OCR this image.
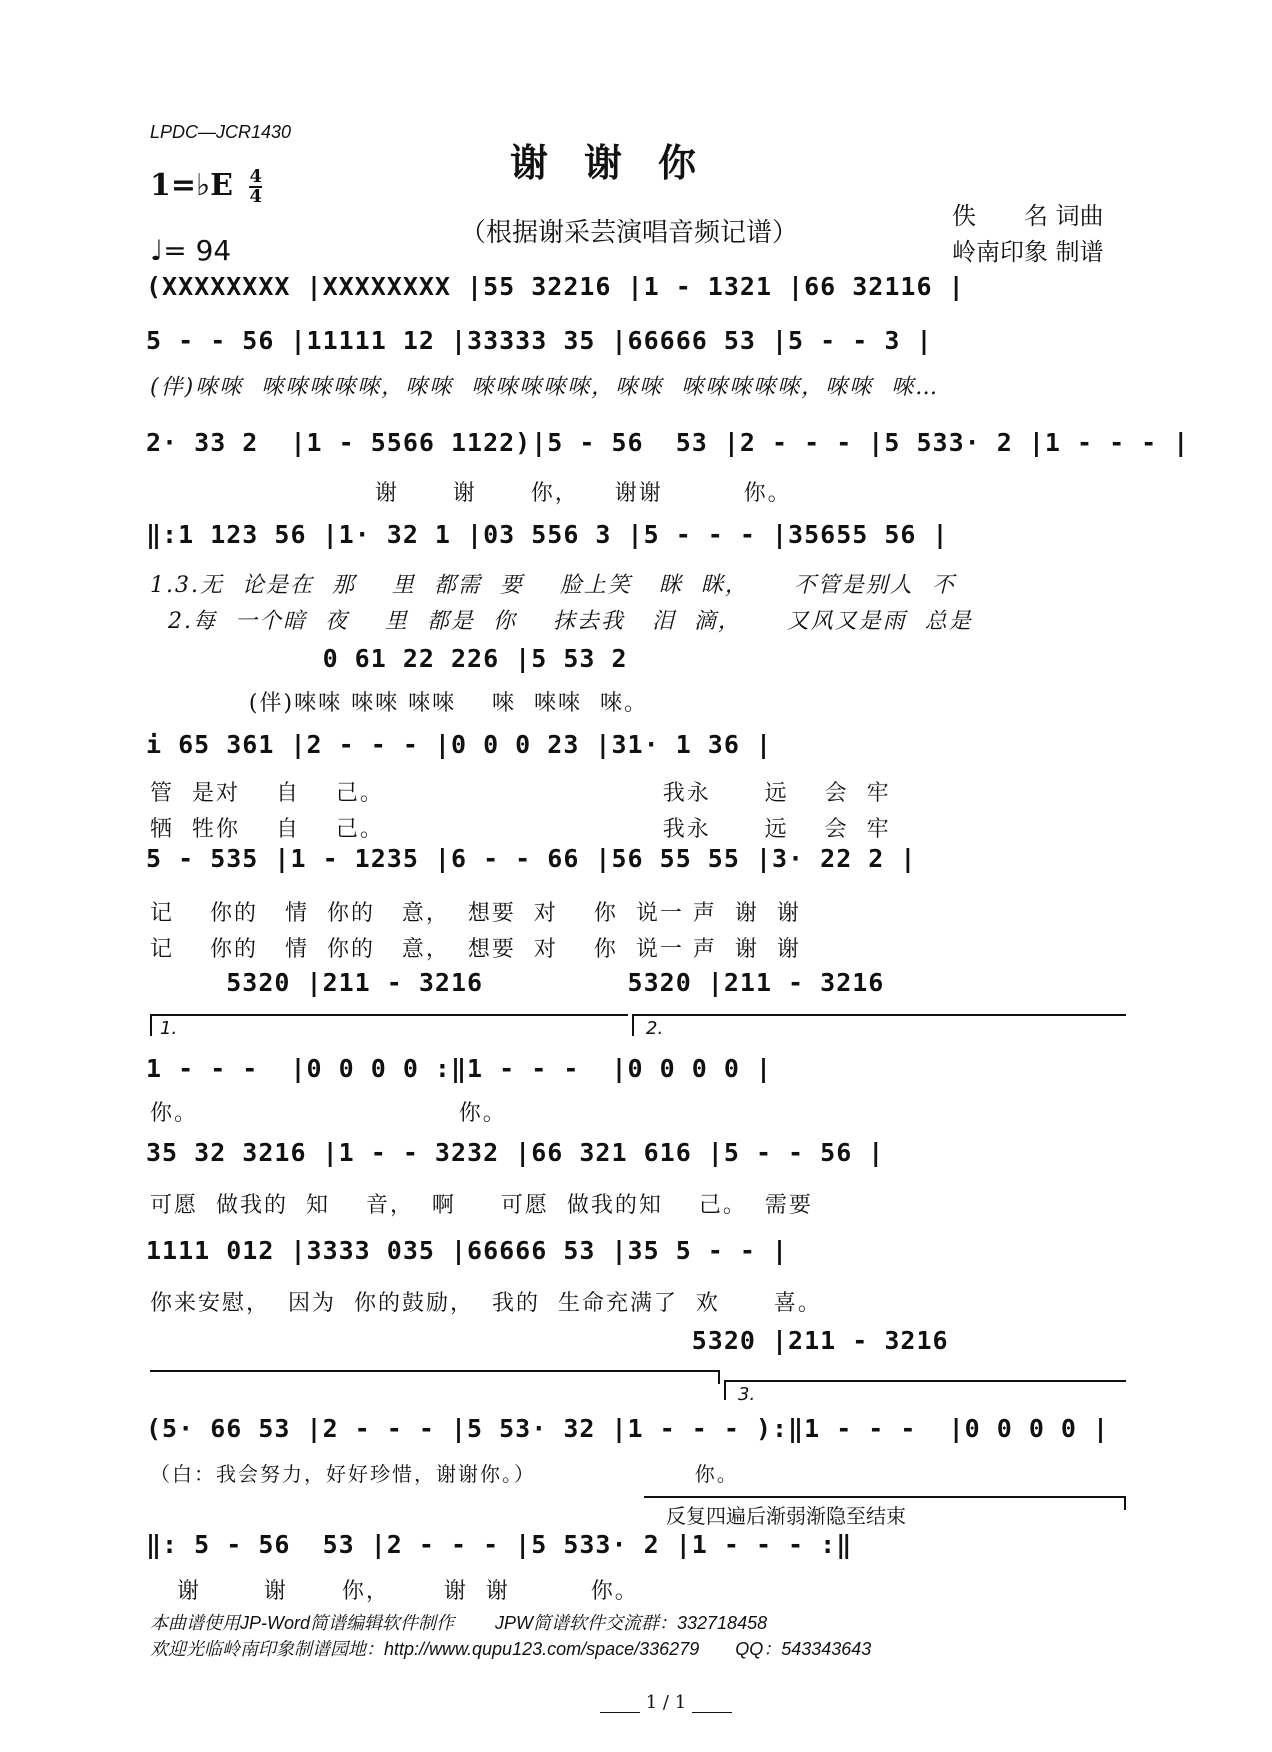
LPDC—JCR1430
谢谢你
1=♭E $\frac{4}{4}$
♩= 94
（根据谢采芸演唱音频记谱）
佚　　名 词曲
岭南印象 制谱
(XXXXXXXX |XXXXXXXX |55 32216 |1 - 1321 |66 32116 |
5 - - 56 |11111 12 |33333 35 |66666 53 |5 - - 3 |
(伴)唻唻  唻唻唻唻唻，唻唻  唻唻唻唻唻，唻唻  唻唻唻唻唻，唻唻  唻…
2· 33 2  |1 - 5566 1122)|5 - 56  53 |2 - - - |5 533· 2 |1 - - - |
谢      谢      你，    谢谢         你。
‖:1 123 56 |1· 32 1 |03 556 3 |5 - - - |35655 56 |
1.3.无  论是在  那    里  都需  要    脸上笑   眯  眯，     不管是别人  不
2.每  一个暗  夜    里  都是  你    抹去我   泪  滴，     又风又是雨  总是
0 61 22 226 |5 53 2
(伴)唻唻 唻唻 唻唻    唻  唻唻  唻。
i 65 361 |2 - - - |0 0 0 23 |31· 1 36 |
管  是对    自    己。                               我永      远    会  牢
牺  牲你    自    己。                               我永      远    会  牢
5 - 535 |1 - 1235 |6 - - 66 |56 55 55 |3· 22 2 |
记    你的   情  你的   意，  想要  对    你  说一 声  谢  谢
记    你的   情  你的   意，  想要  对    你  说一 声  谢  谢
5320 |211 - 3216         5320 |211 - 3216
1.	2.
1 - - -  |0 0 0 0 :‖1 - - -  |0 0 0 0 |
你。                             你。
35 32 3216 |1 - - 3232 |66 321 616 |5 - - 56 |
可愿  做我的  知    音，  啊     可愿  做我的知    己。  需要
1111 012 |3333 035 |66666 53 |35 5 - - |
你来安慰，  因为  你的鼓励，  我的  生命充满了  欢      喜。
5320 |211 - 3216
3.
(5· 66 53 |2 - - - |5 53· 32 |1 - - - ):‖1 - - -  |0 0 0 0 |
（白：我会努力，好好珍惜，谢谢你。）                     你。
反复四遍后渐弱渐隐至结束
‖: 5 - 56  53 |2 - - - |5 533· 2 |1 - - - :‖
谢       谢      你，      谢  谢         你。
本曲谱使用JP-Word简谱编辑软件制作　　 JPW简谱软件交流群：332718458
欢迎光临岭南印象制谱园地：http://www.qupu123.com/space/336279　　QQ：543343643
1 / 1
